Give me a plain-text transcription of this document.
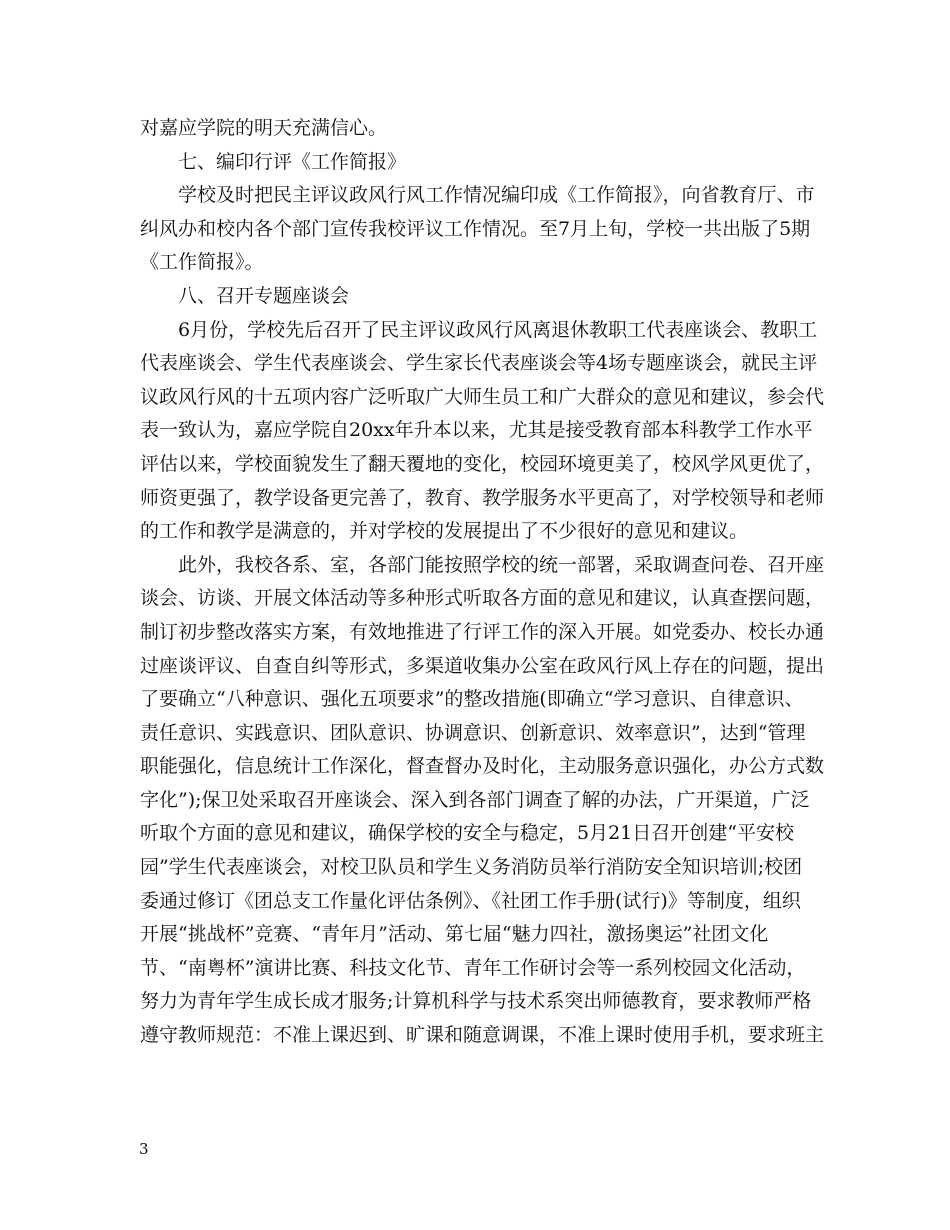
对嘉应学院的明天充满信心。
七、编印行评《工作简报》
学校及时把民主评议政风行风工作情况编印成《工作简报》，向省教育厅、市
纠风办和校内各个部门宣传我校评议工作情况。至7月上旬，学校一共出版了5期
《工作简报》。
八、召开专题座谈会
6月份，学校先后召开了民主评议政风行风离退休教职工代表座谈会、教职工
代表座谈会、学生代表座谈会、学生家长代表座谈会等4场专题座谈会，就民主评
议政风行风的十五项内容广泛听取广大师生员工和广大群众的意见和建议，参会代
表一致认为，嘉应学院自20xx年升本以来，尤其是接受教育部本科教学工作水平
评估以来，学校面貌发生了翻天覆地的变化，校园环境更美了，校风学风更优了，
师资更强了，教学设备更完善了，教育、教学服务水平更高了，对学校领导和老师
的工作和教学是满意的，并对学校的发展提出了不少很好的意见和建议。
此外，我校各系、室，各部门能按照学校的统一部署，采取调查问卷、召开座
谈会、访谈、开展文体活动等多种形式听取各方面的意见和建议，认真查摆问题，
制订初步整改落实方案，有效地推进了行评工作的深入开展。如党委办、校长办通
过座谈评议、自查自纠等形式，多渠道收集办公室在政风行风上存在的问题，提出
了要确立“八种意识、强化五项要求”的整改措施(即确立“学习意识、自律意识、
责任意识、实践意识、团队意识、协调意识、创新意识、效率意识”，达到“管理
职能强化，信息统计工作深化，督查督办及时化，主动服务意识强化，办公方式数
字化”);保卫处采取召开座谈会、深入到各部门调查了解的办法，广开渠道，广泛
听取个方面的意见和建议，确保学校的安全与稳定，5月21日召开创建“平安校
园”学生代表座谈会，对校卫队员和学生义务消防员举行消防安全知识培训;校团
委通过修订《团总支工作量化评估条例》、《社团工作手册(试行)》等制度，组织
开展“挑战杯”竞赛、“青年月”活动、第七届“魅力四社，激扬奥运”社团文化
节、“南粤杯”演讲比赛、科技文化节、青年工作研讨会等一系列校园文化活动，
努力为青年学生成长成才服务;计算机科学与技术系突出师德教育，要求教师严格
遵守教师规范：不准上课迟到、旷课和随意调课，不准上课时使用手机，要求班主
3
